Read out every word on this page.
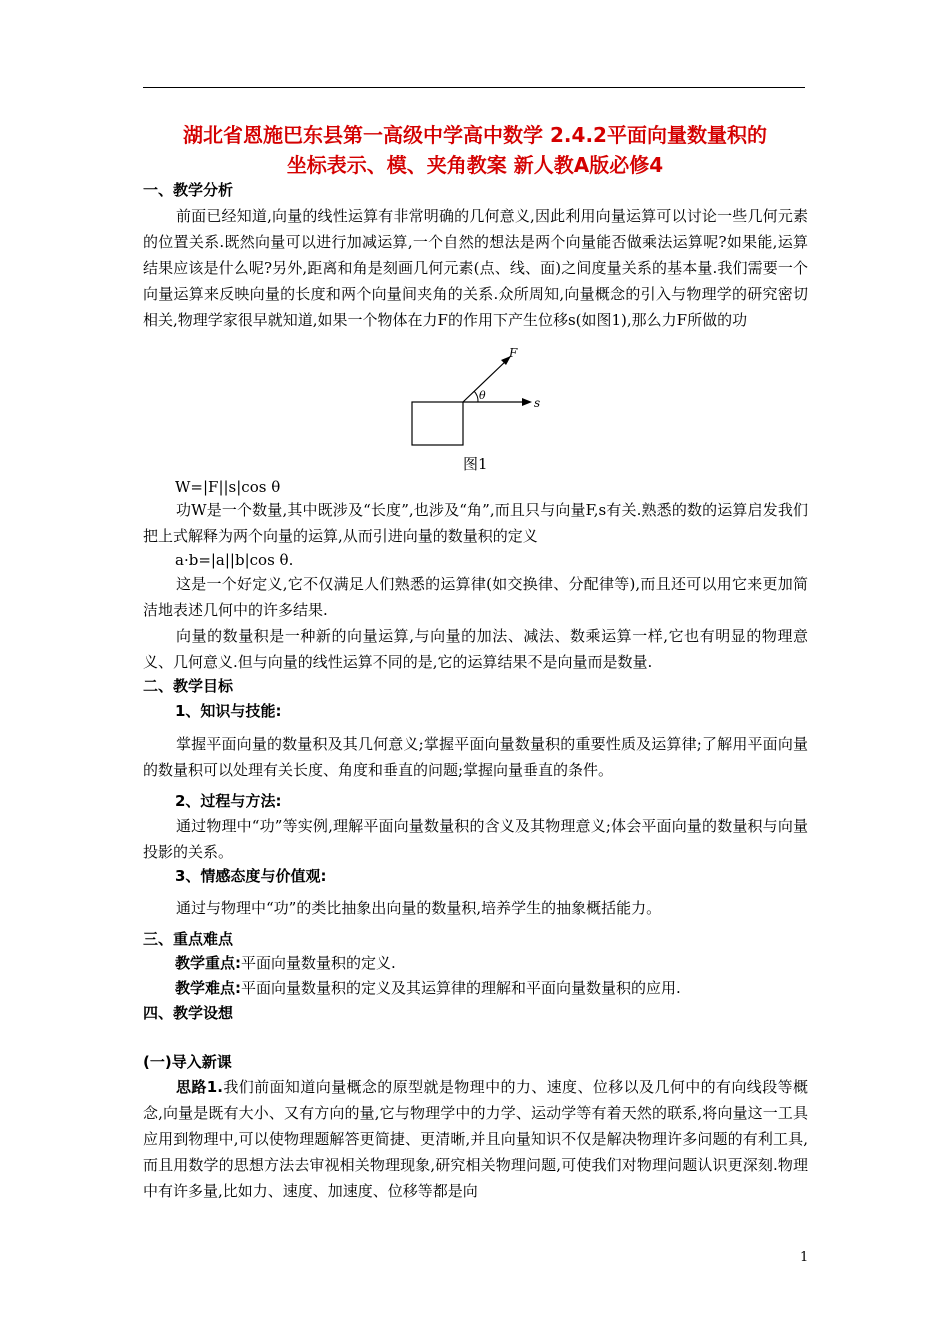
湖北省恩施巴东县第一高级中学高中数学 2.4.2平面向量数量积的
坐标表示、模、夹角教案 新人教A版必修4
一、教学分析
前面已经知道,向量的线性运算有非常明确的几何意义,因此利用向量运算可以讨论一些几何元素的位置关系.既然向量可以进行加减运算,一个自然的想法是两个向量能否做乘法运算呢?如果能,运算结果应该是什么呢?另外,距离和角是刻画几何元素(点、线、面)之间度量关系的基本量.我们需要一个向量运算来反映向量的长度和两个向量间夹角的关系.众所周知,向量概念的引入与物理学的研究密切相关,物理学家很早就知道,如果一个物体在力F的作用下产生位移s(如图1),那么力F所做的功
F
θ
s
图1
W=|F||s|cos θ
功W是一个数量,其中既涉及“长度”,也涉及“角”,而且只与向量F,s有关.熟悉的数的运算启发我们把上式解释为两个向量的运算,从而引进向量的数量积的定义
a·b=|a||b|cos θ.
这是一个好定义,它不仅满足人们熟悉的运算律(如交换律、分配律等),而且还可以用它来更加简洁地表述几何中的许多结果.
向量的数量积是一种新的向量运算,与向量的加法、减法、数乘运算一样,它也有明显的物理意义、几何意义.但与向量的线性运算不同的是,它的运算结果不是向量而是数量.
二、教学目标
1、知识与技能:
掌握平面向量的数量积及其几何意义;掌握平面向量数量积的重要性质及运算律;了解用平面向量的数量积可以处理有关长度、角度和垂直的问题;掌握向量垂直的条件。
2、过程与方法:
通过物理中“功”等实例,理解平面向量数量积的含义及其物理意义;体会平面向量的数量积与向量投影的关系。
3、情感态度与价值观:
通过与物理中“功”的类比抽象出向量的数量积,培养学生的抽象概括能力。
三、重点难点
教学重点:平面向量数量积的定义.
教学难点:平面向量数量积的定义及其运算律的理解和平面向量数量积的应用.
四、教学设想
(一)导入新课
思路1.我们前面知道向量概念的原型就是物理中的力、速度、位移以及几何中的有向线段等概念,向量是既有大小、又有方向的量,它与物理学中的力学、运动学等有着天然的联系,将向量这一工具应用到物理中,可以使物理题解答更简捷、更清晰,并且向量知识不仅是解决物理许多问题的有利工具,而且用数学的思想方法去审视相关物理现象,研究相关物理问题,可使我们对物理问题认识更深刻.物理中有许多量,比如力、速度、加速度、位移等都是向
1
